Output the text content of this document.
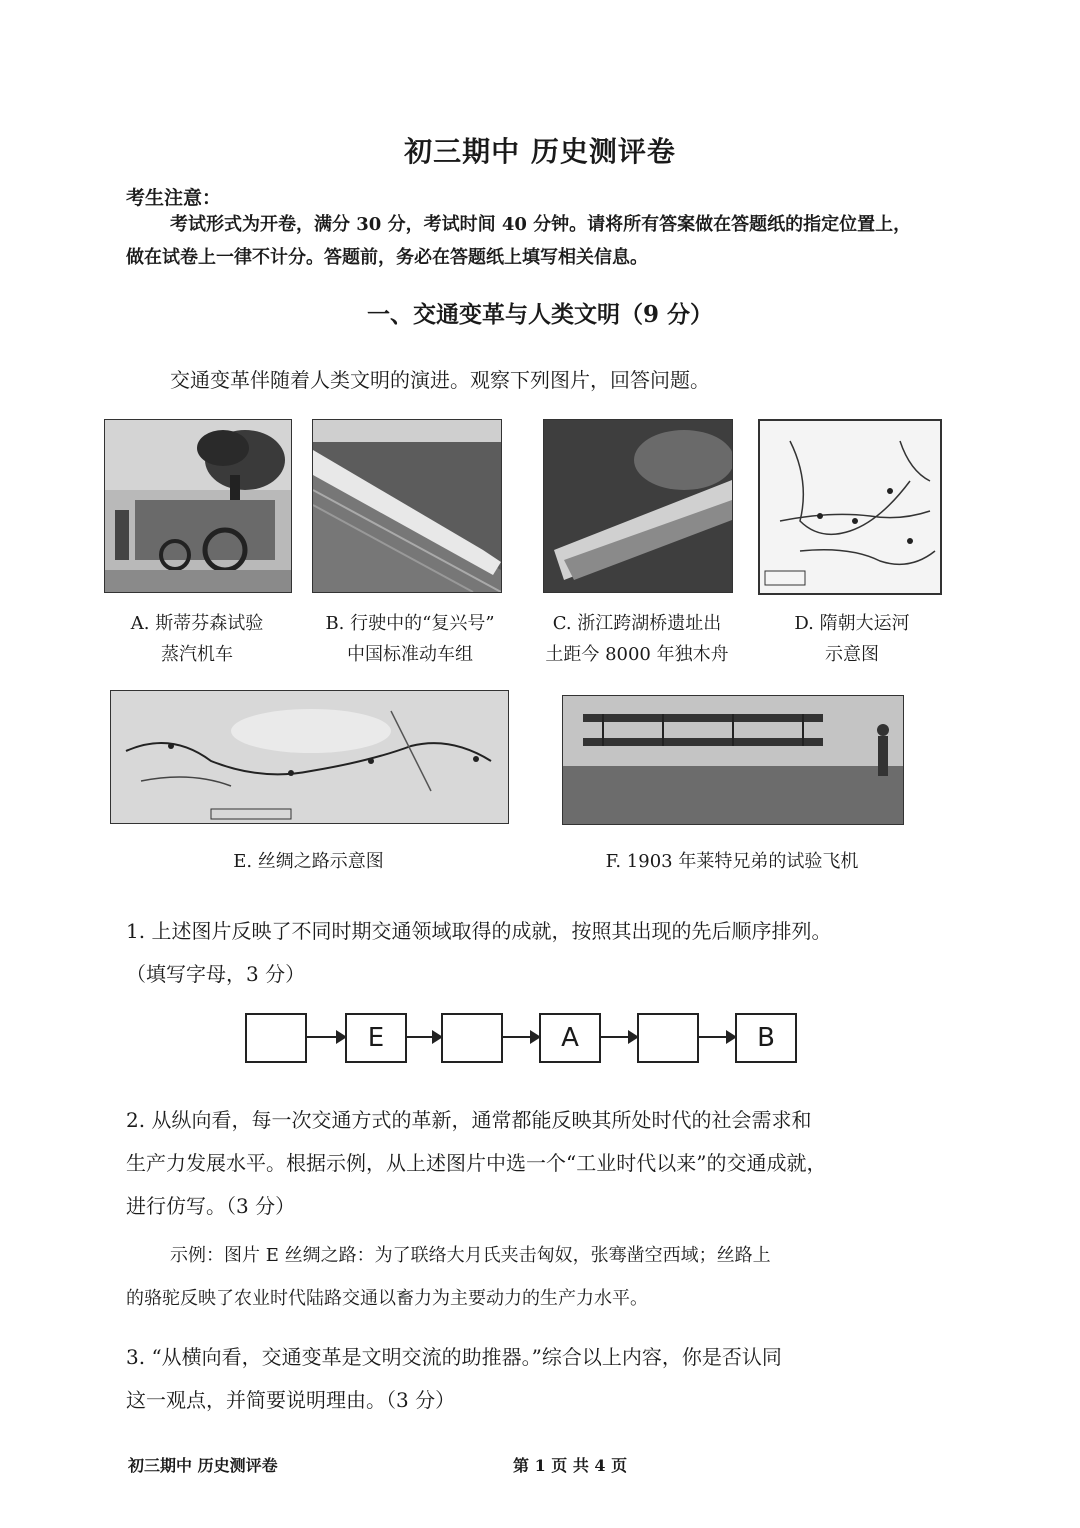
初三期中 历史测评卷
考生注意：
考试形式为开卷，满分 30 分，考试时间 40 分钟。请将所有答案做在答题纸的指定位置上，做在试卷上一律不计分。答题前，务必在答题纸上填写相关信息。
一、交通变革与人类文明（9 分）
交通变革伴随着人类文明的演进。观察下列图片，回答问题。
A. 斯蒂芬森试验
蒸汽机车
B. 行驶中的“复兴号”
中国标准动车组
C. 浙江跨湖桥遗址出
土距今 8000 年独木舟
D. 隋朝大运河
示意图
E. 丝绸之路示意图	F. 1903 年莱特兄弟的试验飞机
1. 上述图片反映了不同时期交通领域取得的成就，按照其出现的先后顺序排列。
（填写字母，3 分）
E	A	B
2. 从纵向看，每一次交通方式的革新，通常都能反映其所处时代的社会需求和
生产力发展水平。根据示例，从上述图片中选一个“工业时代以来”的交通成就，
进行仿写。（3 分）
示例：图片 E 丝绸之路：为了联络大月氏夹击匈奴，张骞凿空西域；丝路上
的骆驼反映了农业时代陆路交通以畜力为主要动力的生产力水平。
3. “从横向看，交通变革是文明交流的助推器。”综合以上内容，你是否认同
这一观点，并简要说明理由。（3 分）
初三期中 历史测评卷	第 1 页 共 4 页
